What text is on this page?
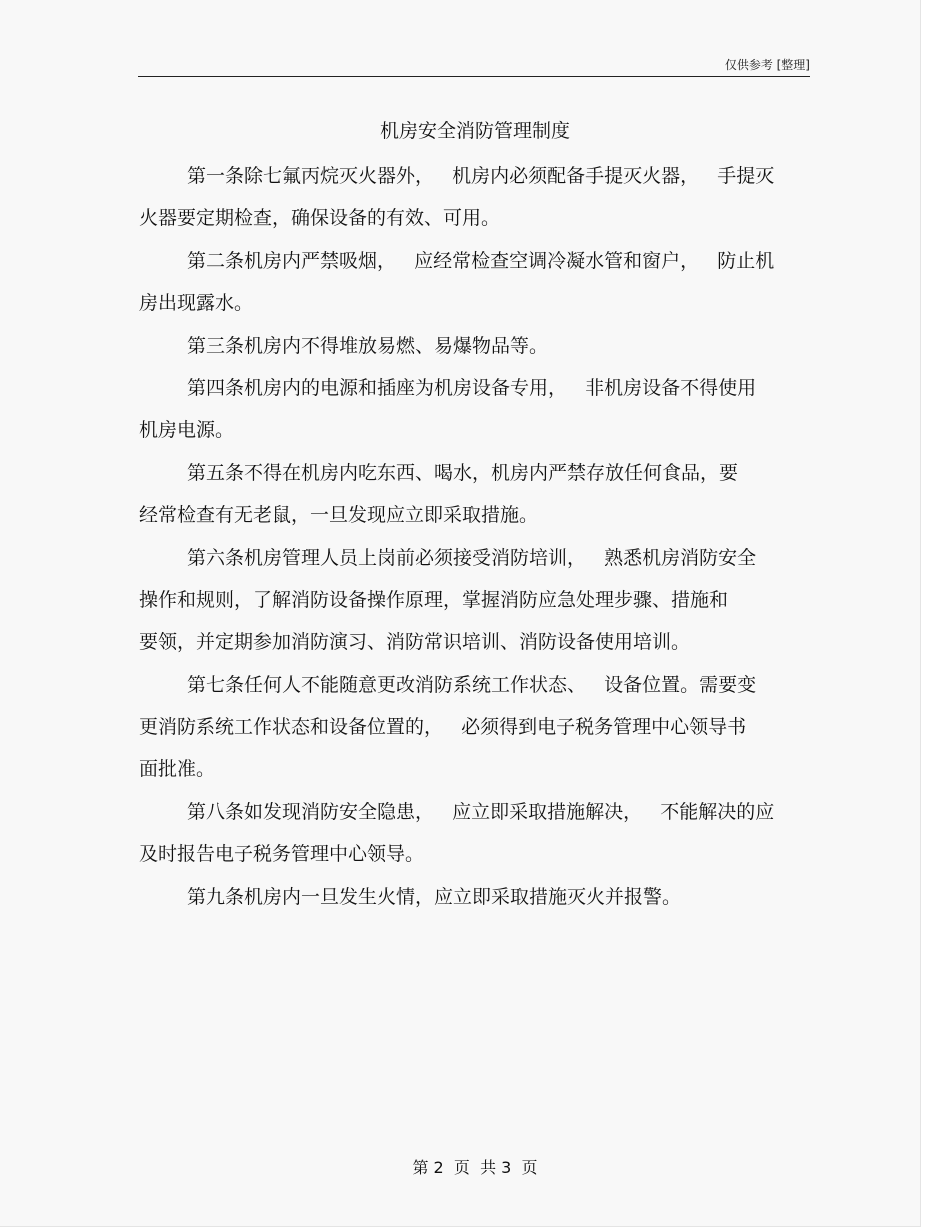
仅供参考 [整理]
机房安全消防管理制度
第一条除七氟丙烷灭火器外，   机房内必须配备手提灭火器，   手提灭
火器要定期检查，确保设备的有效、可用。
第二条机房内严禁吸烟，   应经常检查空调冷凝水管和窗户，   防止机
房出现露水。
第三条机房内不得堆放易燃、易爆物品等。
第四条机房内的电源和插座为机房设备专用，   非机房设备不得使用
机房电源。
第五条不得在机房内吃东西、喝水，机房内严禁存放任何食品，要
经常检查有无老鼠，一旦发现应立即采取措施。
第六条机房管理人员上岗前必须接受消防培训，   熟悉机房消防安全
操作和规则，了解消防设备操作原理，掌握消防应急处理步骤、措施和
要领，并定期参加消防演习、消防常识培训、消防设备使用培训。
第七条任何人不能随意更改消防系统工作状态、   设备位置。需要变
更消防系统工作状态和设备位置的，   必须得到电子税务管理中心领导书
面批准。
第八条如发现消防安全隐患，   应立即采取措施解决，   不能解决的应
及时报告电子税务管理中心领导。
第九条机房内一旦发生火情，应立即采取措施灭火并报警。
第 2  页  共 3  页
